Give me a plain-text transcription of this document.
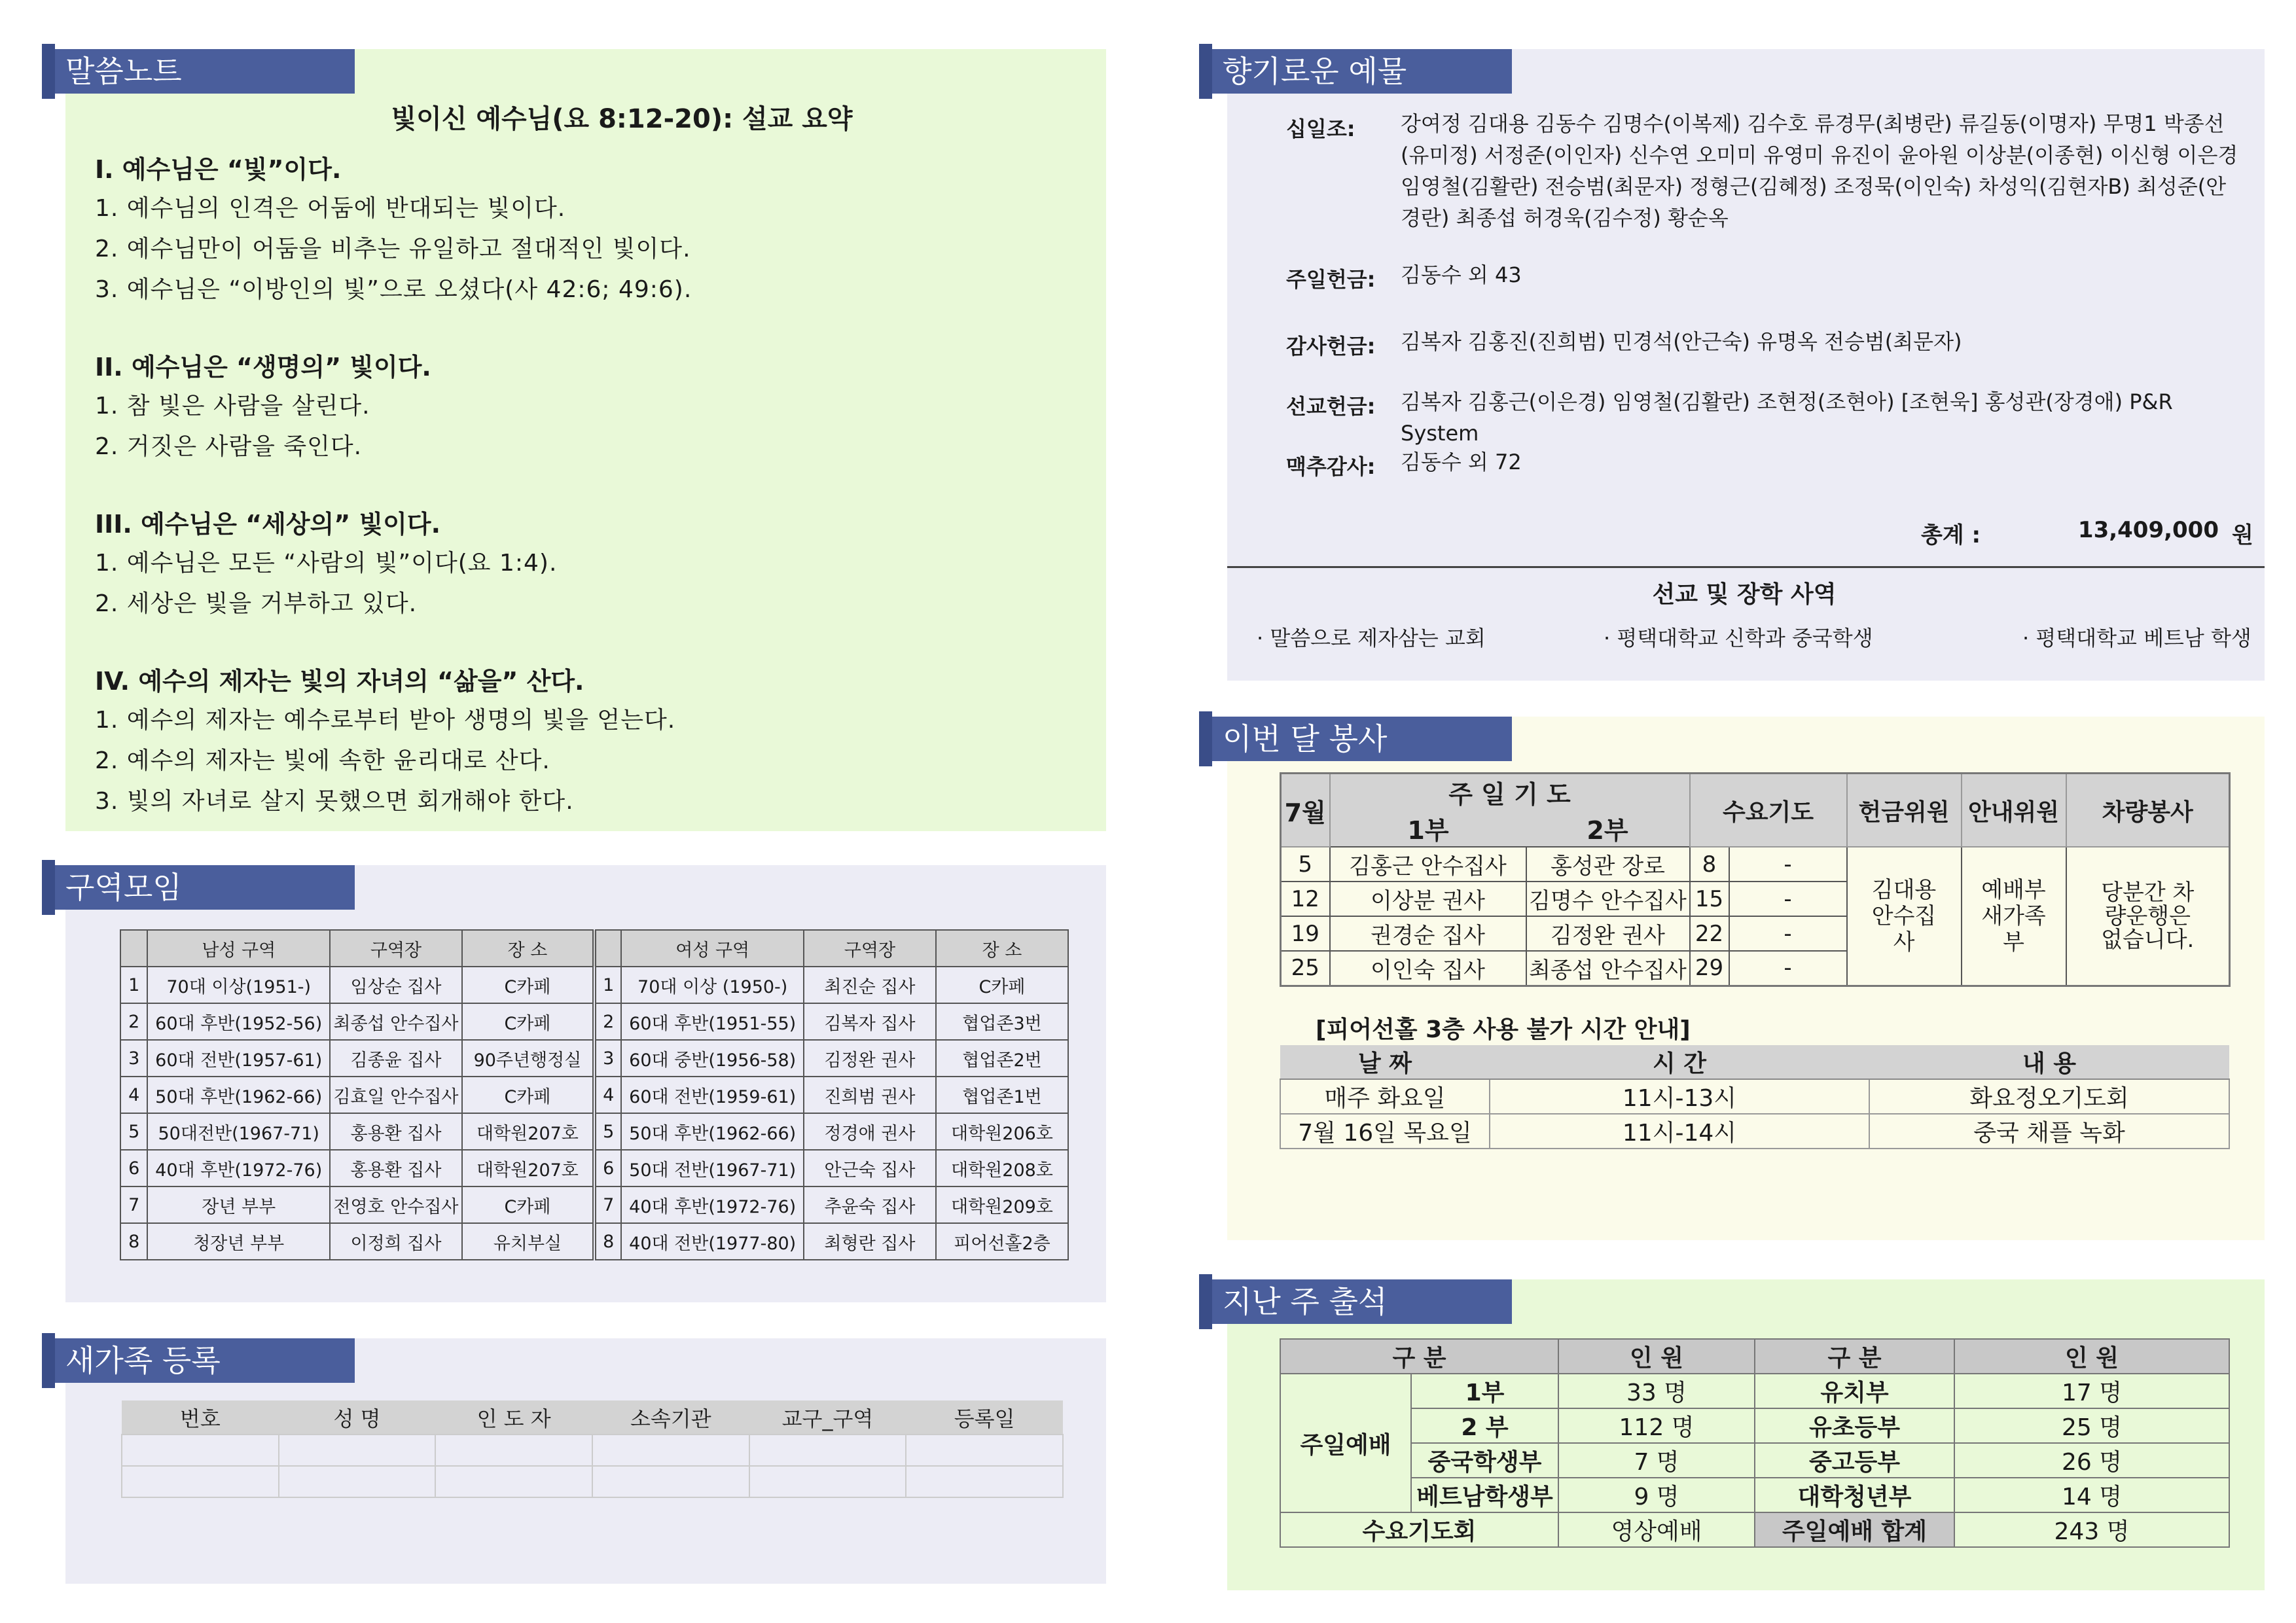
말씀노트
빛이신 예수님(요 8:12-20): 설교 요약
I. 예수님은 “빛”이다.
1. 예수님의 인격은 어둠에 반대되는 빛이다.
2. 예수님만이 어둠을 비추는 유일하고 절대적인 빛이다.
3. 예수님은 “이방인의 빛”으로 오셨다(사 42:6; 49:6).
II. 예수님은 “생명의” 빛이다.
1. 참 빛은 사람을 살린다.
2. 거짓은 사람을 죽인다.
III. 예수님은 “세상의” 빛이다.
1. 예수님은 모든 “사람의 빛”이다(요 1:4).
2. 세상은 빛을 거부하고 있다.
IV. 예수의 제자는 빛의 자녀의 “삶을” 산다.
1. 예수의 제자는 예수로부터 받아 생명의 빛을 얻는다.
2. 예수의 제자는 빛에 속한 윤리대로 산다.
3. 빛의 자녀로 살지 못했으면 회개해야 한다.
구역모임
	남성 구역	구역장	장 소		여성 구역	구역장	장 소
1	70대 이상(1951-)	임상순 집사	C카페	1	70대 이상 (1950-)	최진순 집사	C카페
2	60대 후반(1952-56)	최종섭 안수집사	C카페	2	60대 후반(1951-55)	김복자 집사	협업존3번
3	60대 전반(1957-61)	김종윤 집사	90주년행정실	3	60대 중반(1956-58)	김정완 권사	협업존2번
4	50대 후반(1962-66)	김효일 안수집사	C카페	4	60대 전반(1959-61)	진희범 권사	협업존1번
5	50대전반(1967-71)	홍용환 집사	대학원207호	5	50대 후반(1962-66)	정경애 권사	대학원206호
6	40대 후반(1972-76)	홍용환 집사	대학원207호	6	50대 전반(1967-71)	안근숙 집사	대학원208호
7	장년 부부	전영호 안수집사	C카페	7	40대 후반(1972-76)	추윤숙 집사	대학원209호
8	청장년 부부	이정희 집사	유치부실	8	40대 전반(1977-80)	최형란 집사	피어선홀2층
새가족 등록
번호	성 명	인 도 자	소속기관	교구_구역	등록일

향기로운 예물
십일조: 강여정 김대용 김동수 김명수(이복제) 김수호 류경무(최병란) 류길동(이명자) 무명1 박종선(유미정) 서정준(이인자) 신수연 오미미 유영미 유진이 윤아원 이상분(이종현) 이신형 이은경 임영철(김활란) 전승범(최문자) 정형근(김혜정) 조정묵(이인숙) 차성익(김현자B) 최성준(안경란) 최종섭 허경욱(김수정) 황순옥
주일헌금: 김동수 외 43
감사헌금: 김복자 김홍진(진희범) 민경석(안근숙) 유명옥 전승범(최문자)
선교헌금: 김복자 김홍근(이은경) 임영철(김활란) 조현정(조현아) [조현욱] 홍성관(장경애) P&R System
맥추감사: 김동수 외 72
총계 :	13,409,000 원
선교 및 장학 사역
· 말씀으로 제자삼는 교회	· 평택대학교 신학과 중국학생	· 평택대학교 베트남 학생
이번 달 봉사
7월	주 일 기 도		수요기도		헌금위원	안내위원	차량봉사
	1부	2부					
5	김홍근 안수집사	홍성관 장로	8	-	김대용 안수집사	예배부 새가족부	당분간 차량운행은 없습니다.
12	이상분 권사	김명수 안수집사	15	-			
19	권경순 집사	김정완 권사	22	-			
25	이인숙 집사	최종섭 안수집사	29	-			
[피어선홀 3층 사용 불가 시간 안내]
날 짜	시 간	내 용
매주 화요일	11시-13시	화요정오기도회
7월 16일 목요일	11시-14시	중국 채플 녹화
지난 주 출석
구 분		인 원	구 분	인 원
주일예배	1부	33 명	유치부	17 명
	2 부	112 명	유초등부	25 명
	중국학생부	7 명	중고등부	26 명
	베트남학생부	9 명	대학청년부	14 명
수요기도회		영상예배	주일예배 합계	243 명
